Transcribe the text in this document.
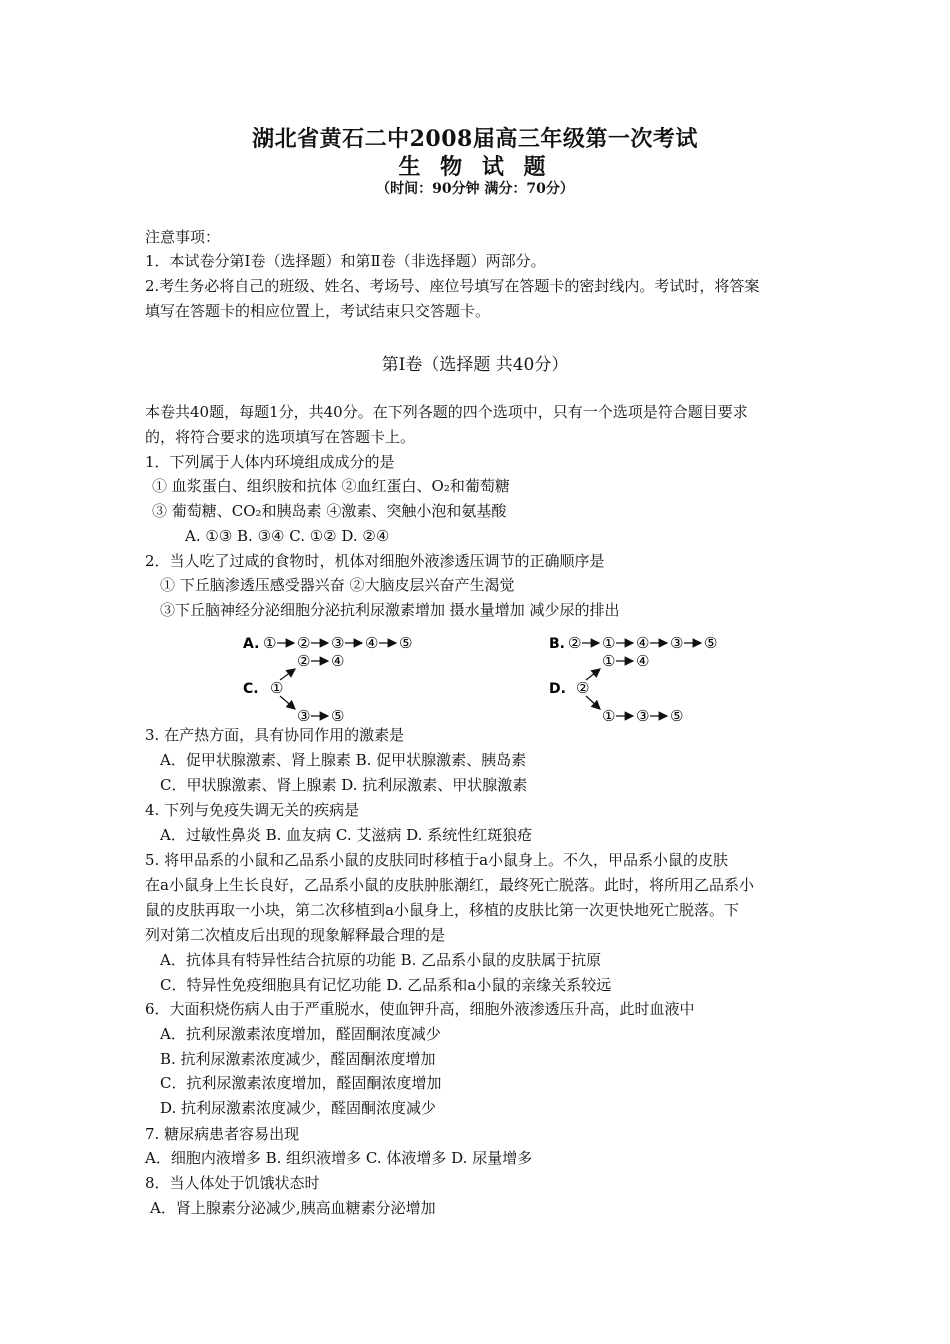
湖北省黄石二中2008届高三年级第一次考试
生 物 试 题
（时间：90分钟 满分：70分）
注意事项：
1．本试卷分第Ⅰ卷（选择题）和第Ⅱ卷（非选择题）两部分。
2.考生务必将自己的班级、姓名、考场号、座位号填写在答题卡的密封线内。考试时，将答案
填写在答题卡的相应位置上，考试结束只交答题卡。
第Ⅰ卷（选择题 共40分）
本卷共40题，每题1分，共40分。在下列各题的四个选项中，只有一个选项是符合题目要求
的，将符合要求的选项填写在答题卡上。
1．下列属于人体内环境组成成分的是
① 血浆蛋白、组织胺和抗体 ②血红蛋白、O₂和葡萄糖
③ 葡萄糖、CO₂和胰岛素 ④激素、突触小泡和氨基酸
A. ①③ B. ③④ C. ①② D. ②④
2．当人吃了过咸的食物时，机体对细胞外液渗透压调节的正确顺序是
① 下丘脑渗透压感受器兴奋 ②大脑皮层兴奋产生渴觉
③下丘脑神经分泌细胞分泌抗利尿激素增加 摄水量增加 减少尿的排出
A. ① ② ③ ④ ⑤
② ④
C. ①
③ ⑤
B. ② ① ④ ③ ⑤
① ④
D. ②
① ③ ⑤
3. 在产热方面，具有协同作用的激素是
A．促甲状腺激素、肾上腺素 B. 促甲状腺激素、胰岛素
C．甲状腺激素、肾上腺素 D. 抗利尿激素、甲状腺激素
4. 下列与免疫失调无关的疾病是
A．过敏性鼻炎 B. 血友病 C. 艾滋病 D. 系统性红斑狼疮
5. 将甲品系的小鼠和乙品系小鼠的皮肤同时移植于a小鼠身上。不久，甲品系小鼠的皮肤
在a小鼠身上生长良好，乙品系小鼠的皮肤肿胀潮红，最终死亡脱落。此时，将所用乙品系小
鼠的皮肤再取一小块，第二次移植到a小鼠身上，移植的皮肤比第一次更快地死亡脱落。下
列对第二次植皮后出现的现象解释最合理的是
A．抗体具有特异性结合抗原的功能 B. 乙品系小鼠的皮肤属于抗原
C．特异性免疫细胞具有记忆功能 D. 乙品系和a小鼠的亲缘关系较远
6．大面积烧伤病人由于严重脱水，使血钾升高，细胞外液渗透压升高，此时血液中
A．抗利尿激素浓度增加，醛固酮浓度减少
B. 抗利尿激素浓度减少，醛固酮浓度增加
C．抗利尿激素浓度增加，醛固酮浓度增加
D. 抗利尿激素浓度减少，醛固酮浓度减少
7. 糖尿病患者容易出现
A．细胞内液增多 B. 组织液增多 C. 体液增多 D. 尿量增多
8．当人体处于饥饿状态时
A．肾上腺素分泌减少,胰高血糖素分泌增加
